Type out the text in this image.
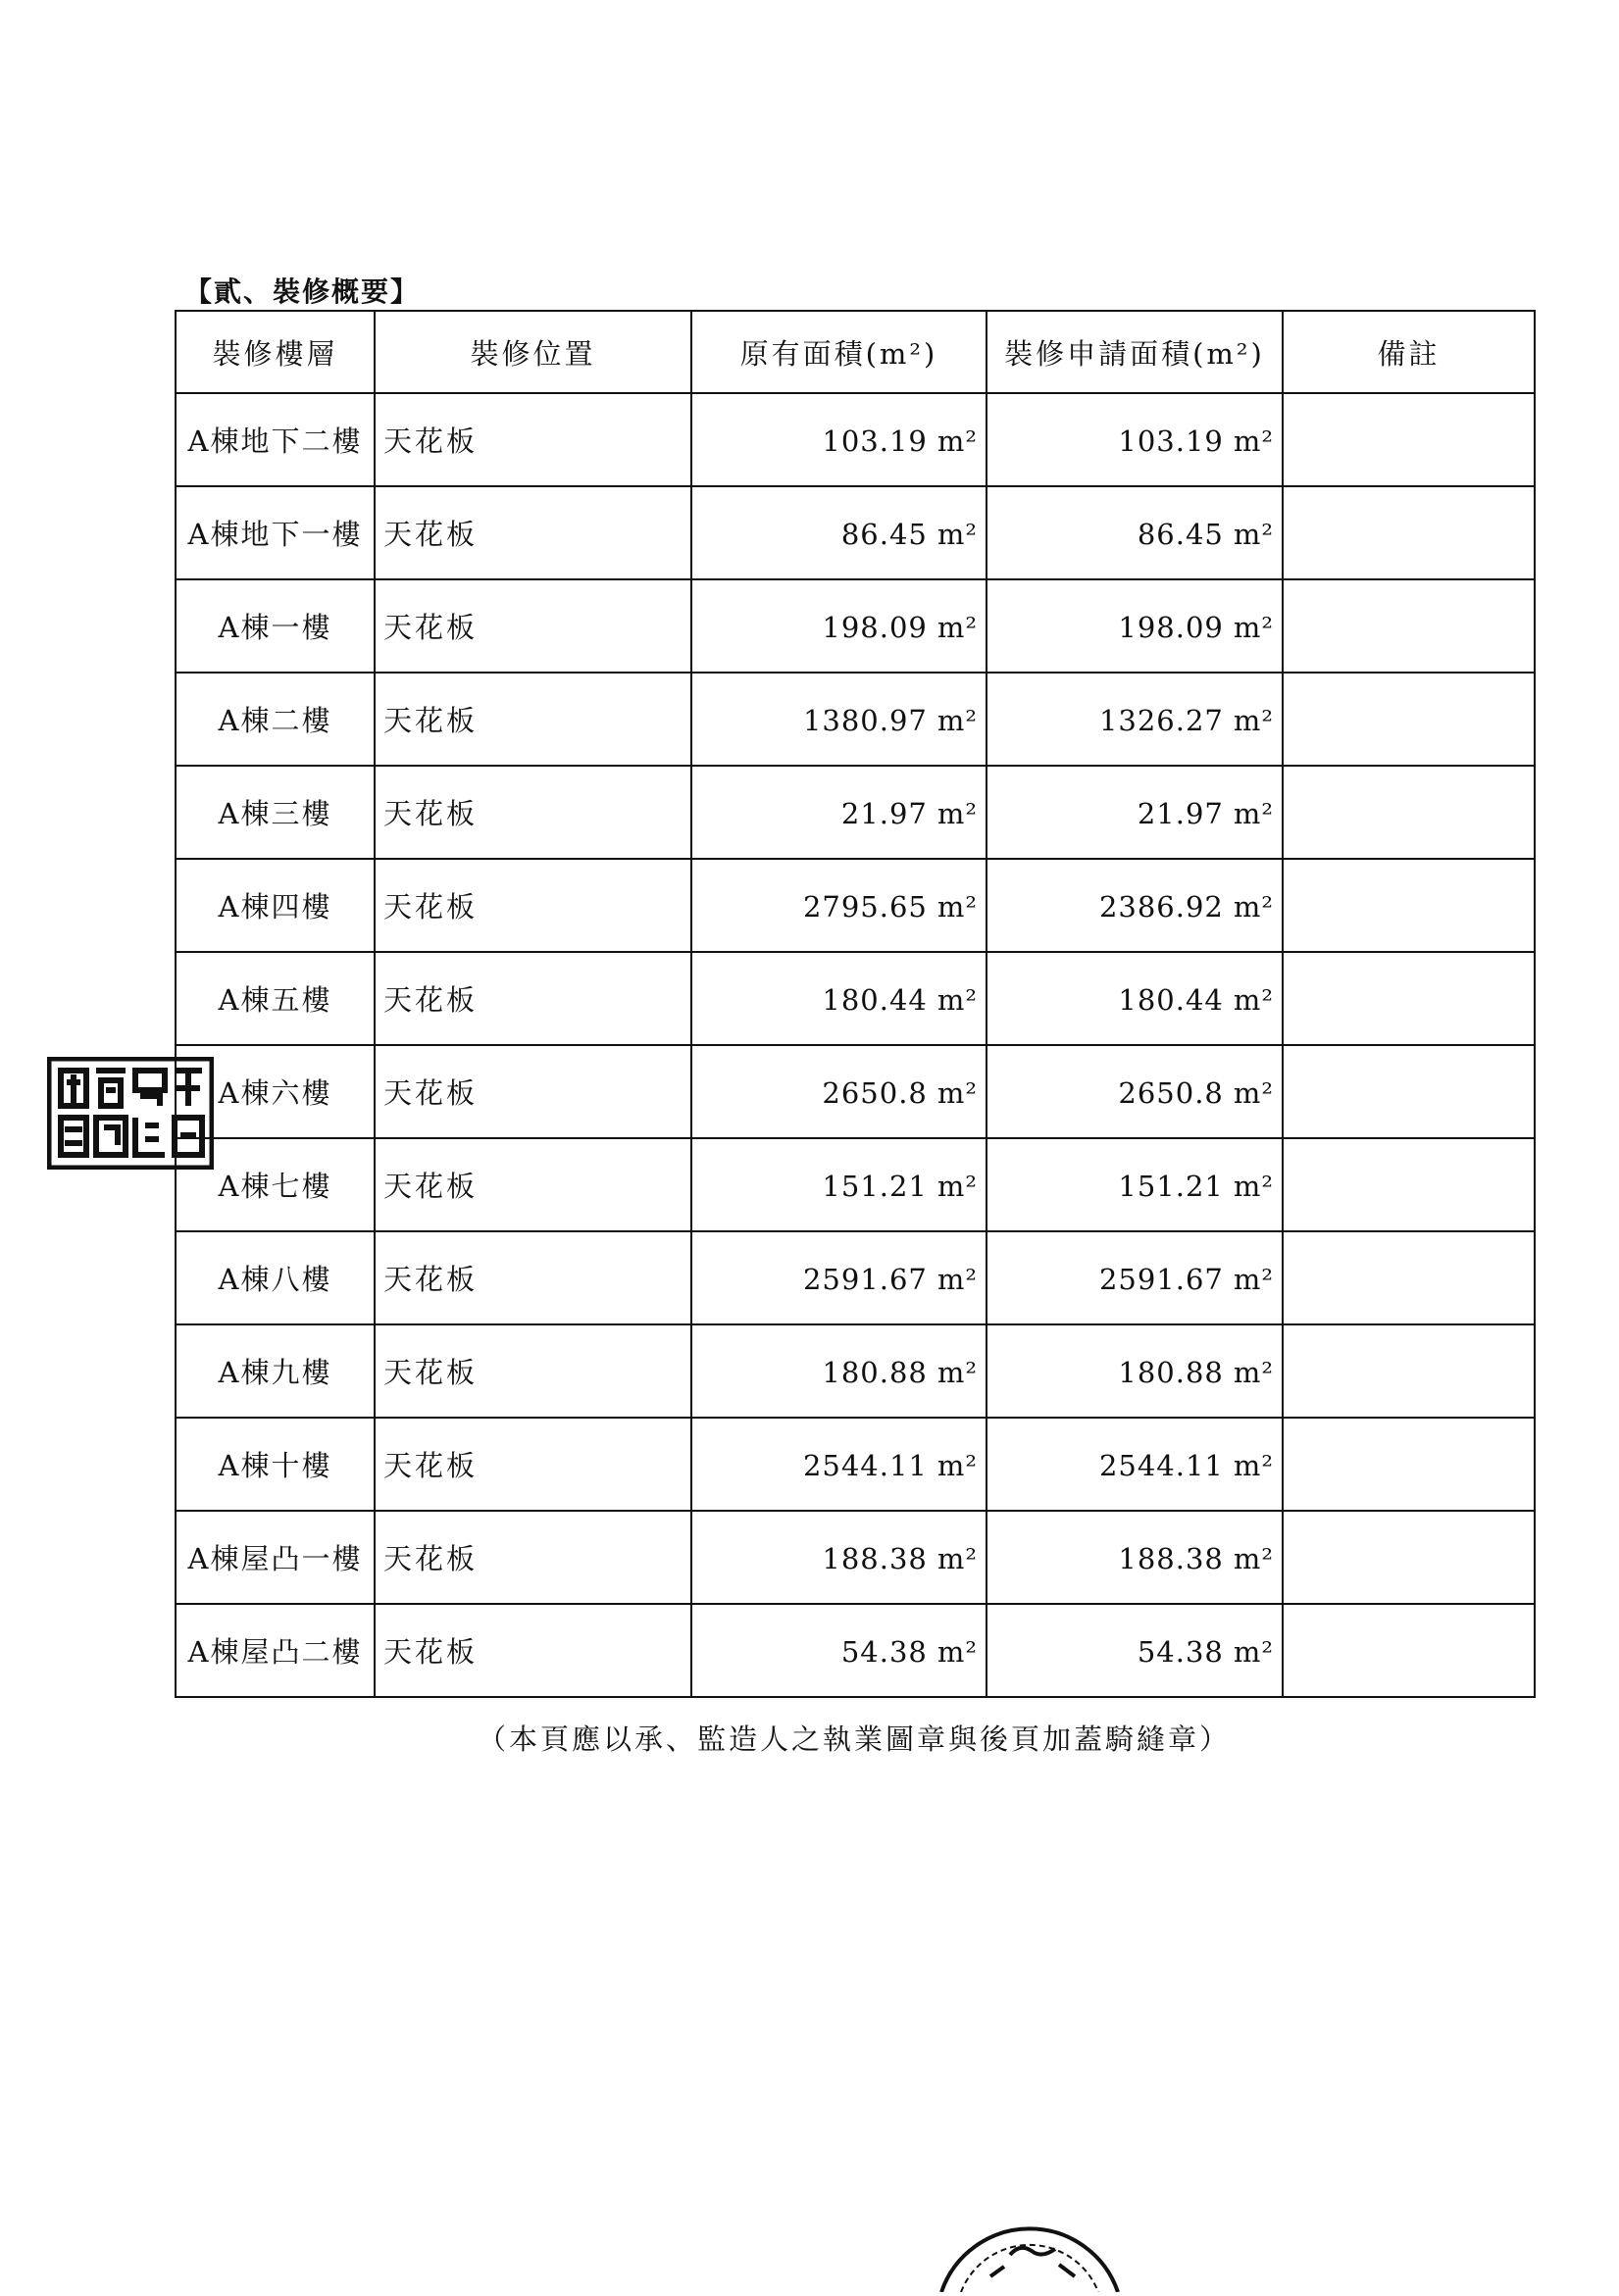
【貳、裝修概要】
裝修樓層	裝修位置	原有面積(m²)	裝修申請面積(m²)	備註
A棟地下二樓	天花板	103.19 m²	103.19 m²	
A棟地下一樓	天花板	86.45 m²	86.45 m²	
A棟一樓	天花板	198.09 m²	198.09 m²	
A棟二樓	天花板	1380.97 m²	1326.27 m²	
A棟三樓	天花板	21.97 m²	21.97 m²	
A棟四樓	天花板	2795.65 m²	2386.92 m²	
A棟五樓	天花板	180.44 m²	180.44 m²	
A棟六樓	天花板	2650.8 m²	2650.8 m²	
A棟七樓	天花板	151.21 m²	151.21 m²	
A棟八樓	天花板	2591.67 m²	2591.67 m²	
A棟九樓	天花板	180.88 m²	180.88 m²	
A棟十樓	天花板	2544.11 m²	2544.11 m²	
A棟屋凸一樓	天花板	188.38 m²	188.38 m²	
A棟屋凸二樓	天花板	54.38 m²	54.38 m²	
（本頁應以承、監造人之執業圖章與後頁加蓋騎縫章）
